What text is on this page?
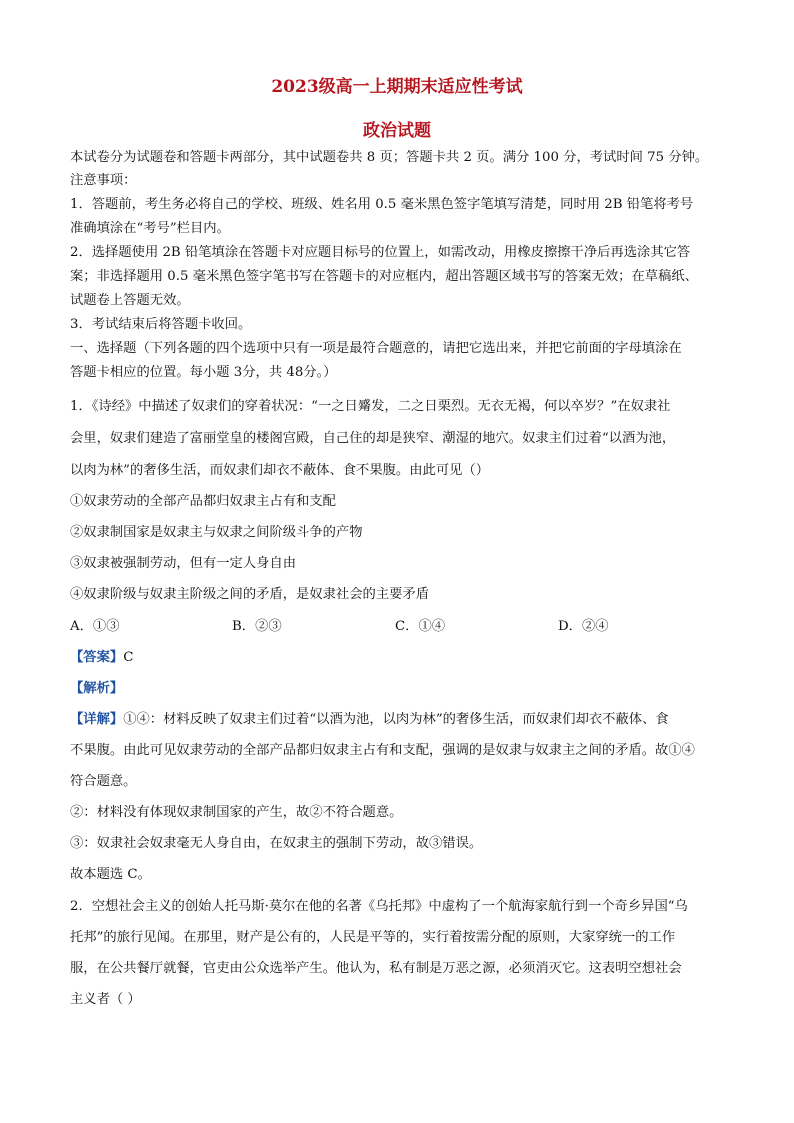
2023级高一上期期末适应性考试
政治试题
本试卷分为试题卷和答题卡两部分，其中试题卷共 8 页；答题卡共 2 页。满分 100 分，考试时间 75 分钟。
注意事项：
1．答题前，考生务必将自己的学校、班级、姓名用 0.5 毫米黑色签字笔填写清楚，同时用 2B 铅笔将考号
准确填涂在“考号”栏目内。
2．选择题使用 2B 铅笔填涂在答题卡对应题目标号的位置上，如需改动，用橡皮擦擦干净后再选涂其它答
案；非选择题用 0.5 毫米黑色签字笔书写在答题卡的对应框内，超出答题区域书写的答案无效；在草稿纸、
试题卷上答题无效。
3．考试结束后将答题卡收回。
一、选择题（下列各题的四个选项中只有一项是最符合题意的，请把它选出来，并把它前面的字母填涂在
答题卡相应的位置。每小题 3分，共 48分。）
1．《诗经》中描述了奴隶们的穿着状况：“一之日觱发，二之日栗烈。无衣无褐，何以卒岁？”在奴隶社
会里，奴隶们建造了富丽堂皇的楼阁宫殿，自己住的却是狭窄、潮湿的地穴。奴隶主们过着“以酒为池，
以肉为林”的奢侈生活，而奴隶们却衣不蔽体、食不果腹。由此可见（）
①奴隶劳动的全部产品都归奴隶主占有和支配
②奴隶制国家是奴隶主与奴隶之间阶级斗争的产物
③奴隶被强制劳动，但有一定人身自由
④奴隶阶级与奴隶主阶级之间的矛盾，是奴隶社会的主要矛盾
A．①③	B．②③	C．①④	D．②④
【答案】C
【解析】
【详解】①④：材料反映了奴隶主们过着“以酒为池，以肉为林”的奢侈生活，而奴隶们却衣不蔽体、食
不果腹。由此可见奴隶劳动的全部产品都归奴隶主占有和支配，强调的是奴隶与奴隶主之间的矛盾。故①④
符合题意。
②：材料没有体现奴隶制国家的产生，故②不符合题意。
③：奴隶社会奴隶毫无人身自由，在奴隶主的强制下劳动，故③错误。
故本题选 C。
2．空想社会主义的创始人托马斯·莫尔在他的名著《乌托邦》中虚构了一个航海家航行到一个奇乡异国“乌
托邦”的旅行见闻。在那里，财产是公有的，人民是平等的，实行着按需分配的原则，大家穿统一的工作
服，在公共餐厅就餐，官吏由公众选举产生。他认为，私有制是万恶之源，必须消灭它。这表明空想社会
主义者（ ）
